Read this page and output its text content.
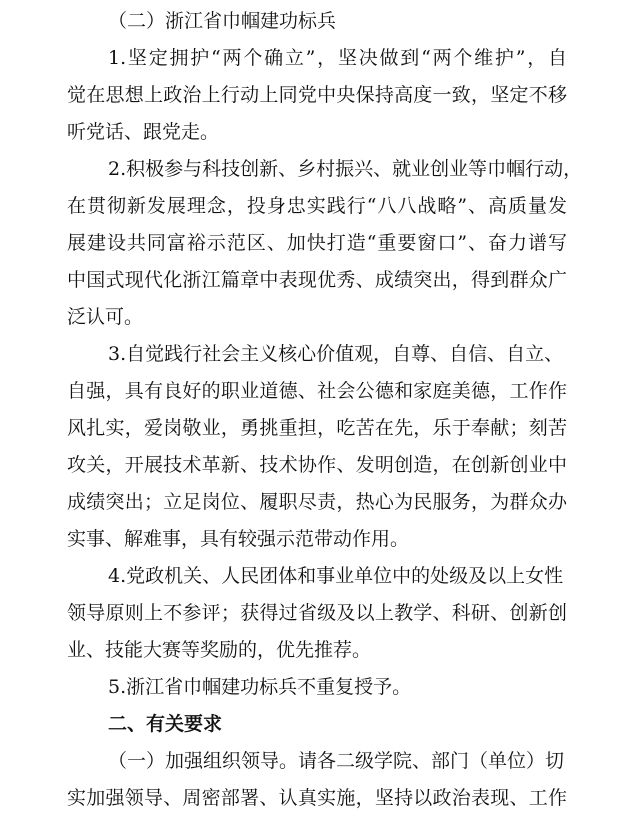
（二）浙江省巾帼建功标兵
1.坚定拥护“两个确立”，坚决做到“两个维护”，自
觉在思想上政治上行动上同党中央保持高度一致，坚定不移
听党话、跟党走。
2.积极参与科技创新、乡村振兴、就业创业等巾帼行动，
在贯彻新发展理念，投身忠实践行“八八战略”、高质量发
展建设共同富裕示范区、加快打造“重要窗口”、奋力谱写
中国式现代化浙江篇章中表现优秀、成绩突出，得到群众广
泛认可。
3.自觉践行社会主义核心价值观，自尊、自信、自立、
自强，具有良好的职业道德、社会公德和家庭美德，工作作
风扎实，爱岗敬业，勇挑重担，吃苦在先，乐于奉献；刻苦
攻关，开展技术革新、技术协作、发明创造，在创新创业中
成绩突出；立足岗位、履职尽责，热心为民服务，为群众办
实事、解难事，具有较强示范带动作用。
4.党政机关、人民团体和事业单位中的处级及以上女性
领导原则上不参评；获得过省级及以上教学、科研、创新创
业、技能大赛等奖励的，优先推荐。
5.浙江省巾帼建功标兵不重复授予。
二、有关要求
（一）加强组织领导。请各二级学院、部门（单位）切
实加强领导、周密部署、认真实施，坚持以政治表现、工作
